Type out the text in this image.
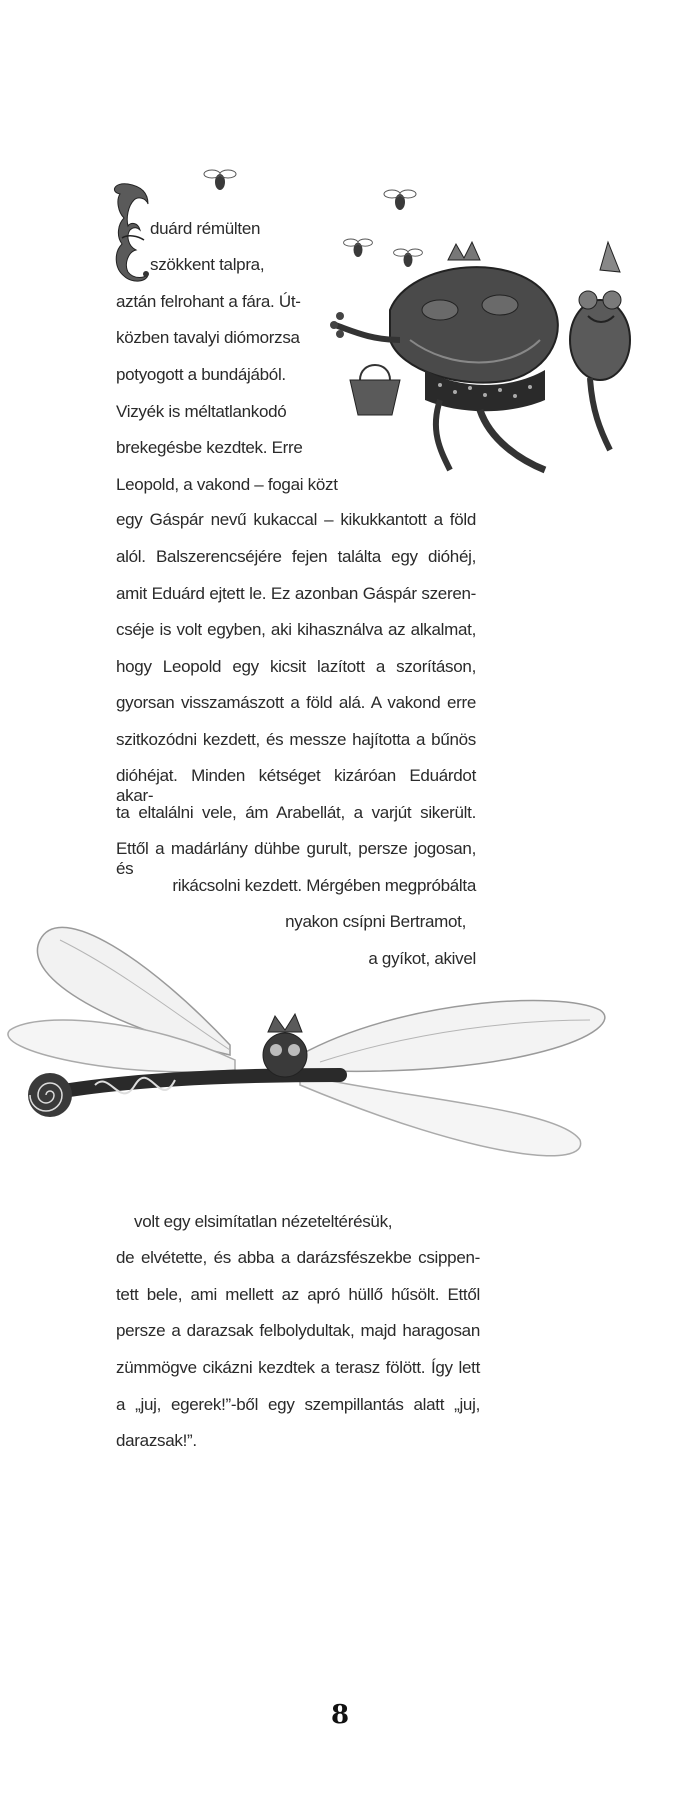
E
duárd rémülten
szökkent talpra,
aztán felrohant a fára. Út-
közben tavalyi diómorzsa
potyogott a bundájából.
Vizyék is méltatlankodó
brekegésbe kezdtek. Erre
Leopold, a vakond – fogai közt
egy Gáspár nevű kukaccal – kikukkantott a föld
alól. Balszerencséjére fejen találta egy dióhéj,
amit Eduárd ejtett le. Ez azonban Gáspár szeren-
cséje is volt egyben, aki kihasználva az alkalmat,
hogy Leopold egy kicsit lazított a szorításon,
gyorsan visszamászott a föld alá. A vakond erre
szitkozódni kezdett, és messze hajította a bűnös
dióhéjat. Minden kétséget kizáróan Eduárdot akar-
ta eltalálni vele, ám Arabellát, a varjút sikerült.
Ettől a madárlány dühbe gurult, persze jogosan, és
rikácsolni kezdett. Mérgében megpróbálta
nyakon csípni Bertramot,
a gyíkot, akivel
volt egy elsimítatlan nézeteltérésük,
de elvétette, és abba a darázsfészekbe csippen-
tett bele, ami mellett az apró hüllő hűsölt. Ettől
persze a darazsak felbolydultak, majd haragosan
zümmögve cikázni kezdtek a terasz fölött. Így lett
a „juj, egerek!”-ből egy szempillantás alatt „juj,
darazsak!”.
8
